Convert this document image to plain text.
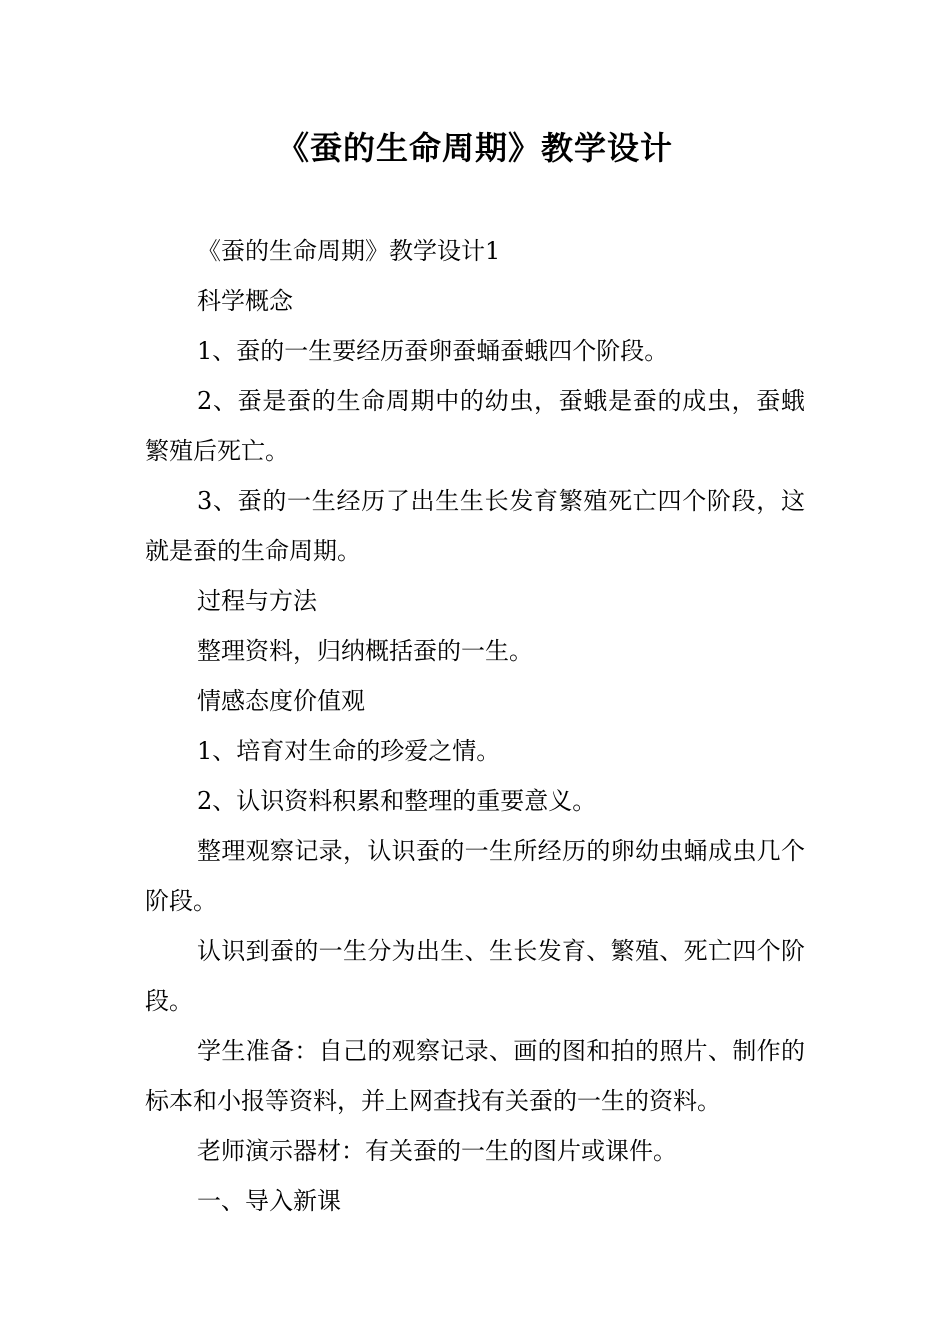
《蚕的生命周期》教学设计

《蚕的生命周期》教学设计1

科学概念

1、蚕的一生要经历蚕卵蚕蛹蚕蛾四个阶段。

2、蚕是蚕的生命周期中的幼虫，蚕蛾是蚕的成虫，蚕蛾繁殖后死亡。

3、蚕的一生经历了出生生长发育繁殖死亡四个阶段，这就是蚕的生命周期。

过程与方法

整理资料，归纳概括蚕的一生。

情感态度价值观

1、培育对生命的珍爱之情。

2、认识资料积累和整理的重要意义。

整理观察记录，认识蚕的一生所经历的卵幼虫蛹成虫几个阶段。

认识到蚕的一生分为出生、生长发育、繁殖、死亡四个阶段。

学生准备：自己的观察记录、画的图和拍的照片、制作的标本和小报等资料，并上网查找有关蚕的一生的资料。

老师演示器材：有关蚕的一生的图片或课件。

一、导入新课
